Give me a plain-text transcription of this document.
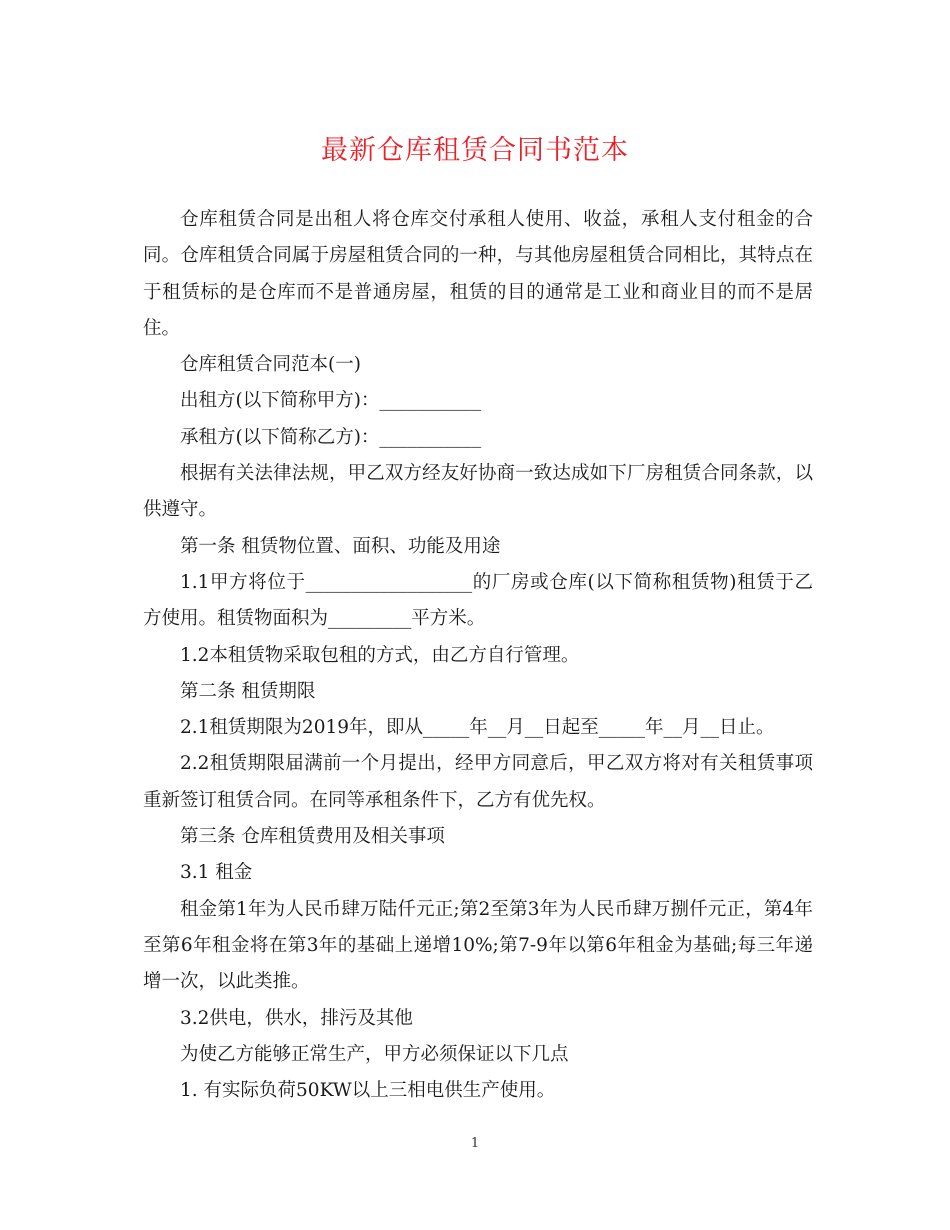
最新仓库租赁合同书范本

仓库租赁合同是出租人将仓库交付承租人使用、收益，承租人支付租金的合同。仓库租赁合同属于房屋租赁合同的一种，与其他房屋租赁合同相比，其特点在于租赁标的是仓库而不是普通房屋，租赁的目的通常是工业和商业目的而不是居住。

仓库租赁合同范本(一)

出租方(以下简称甲方)：___________

承租方(以下简称乙方)：___________

根据有关法律法规，甲乙双方经友好协商一致达成如下厂房租赁合同条款，以供遵守。

第一条 租赁物位置、面积、功能及用途

1.1甲方将位于__________________的厂房或仓库(以下简称租赁物)租赁于乙方使用。租赁物面积为_________平方米。

1.2本租赁物采取包租的方式，由乙方自行管理。

第二条 租赁期限

2.1租赁期限为2019年，即从_____年__月__日起至_____年__月__日止。

2.2租赁期限届满前一个月提出，经甲方同意后，甲乙双方将对有关租赁事项重新签订租赁合同。在同等承租条件下，乙方有优先权。

第三条 仓库租赁费用及相关事项

3.1 租金

租金第1年为人民币肆万陆仟元正;第2至第3年为人民币肆万捌仟元正，第4年至第6年租金将在第3年的基础上递增10%;第7-9年以第6年租金为基础;每三年递增一次，以此类推。

3.2供电，供水，排污及其他

为使乙方能够正常生产，甲方必须保证以下几点

1. 有实际负荷50KW以上三相电供生产使用。

1
